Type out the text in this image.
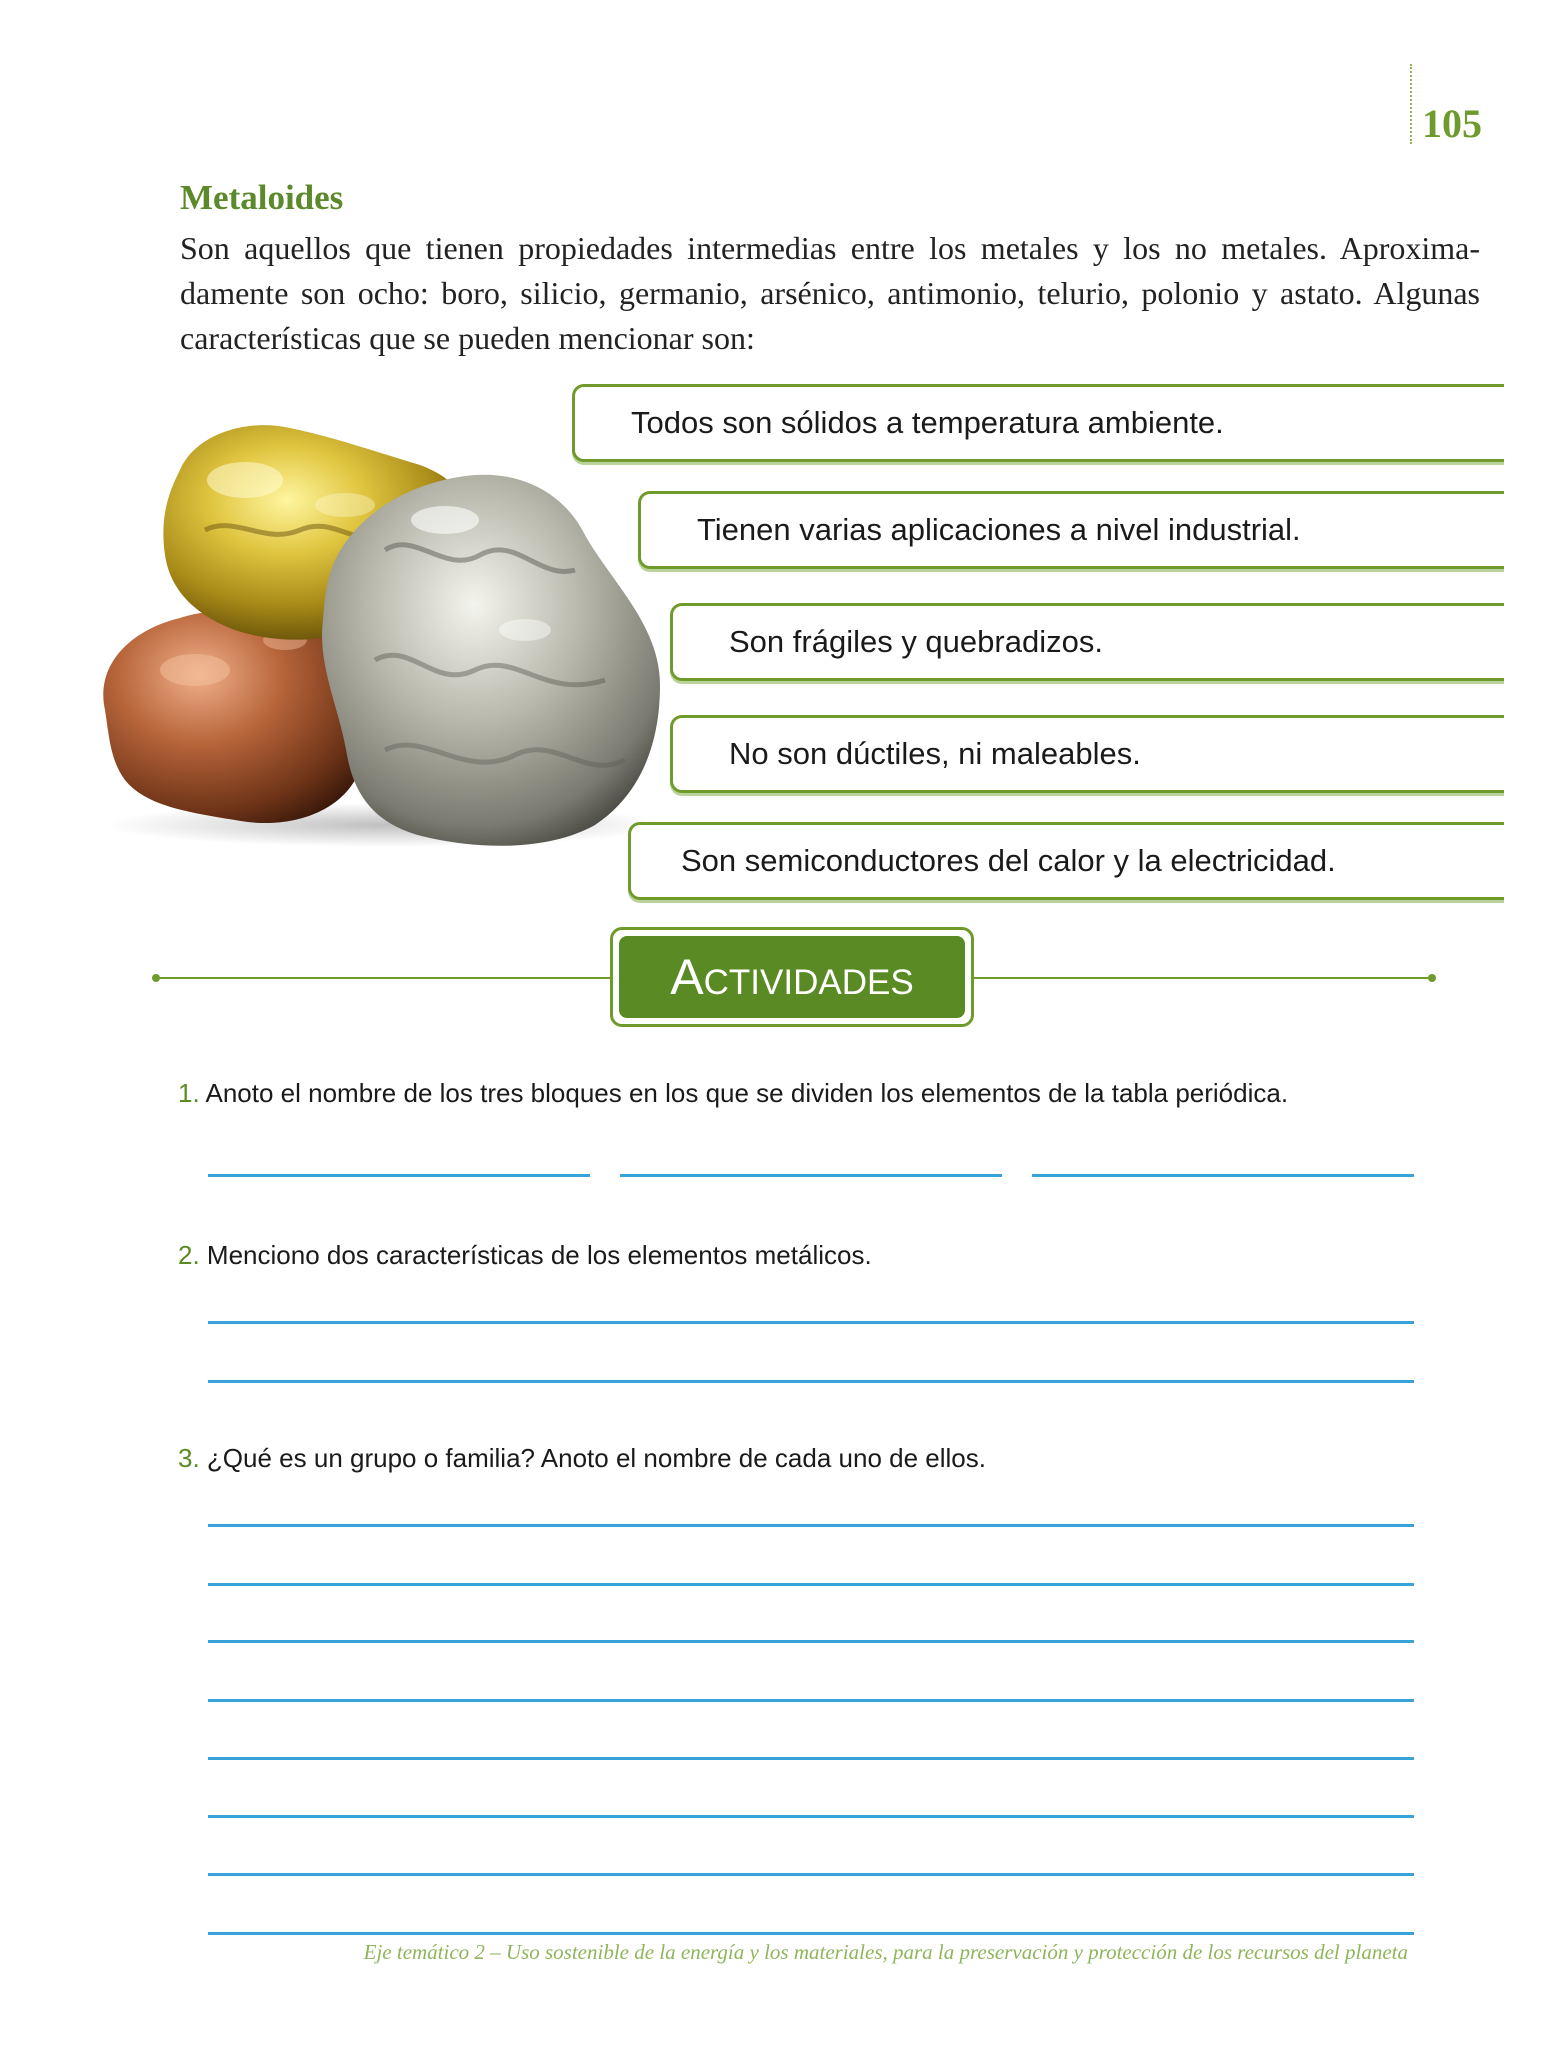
105
Metaloides
Son aquellos que tienen propiedades intermedias entre los metales y los no metales. Aproxima-
damente son ocho: boro, silicio, germanio, arsénico, antimonio, telurio, polonio y astato. Algunas
características que se pueden mencionar son:
Todos son sólidos a temperatura ambiente.
Tienen varias aplicaciones a nivel industrial.
Son frágiles y quebradizos.
No son dúctiles, ni maleables.
Son semiconductores del calor y la electricidad.
Actividades
1. Anoto el nombre de los tres bloques en los que se dividen los elementos de la tabla periódica.
2. Menciono dos características de los elementos metálicos.
3. ¿Qué es un grupo o familia? Anoto el nombre de cada uno de ellos.
Eje temático 2 – Uso sostenible de la energía y los materiales, para la preservación y protección de los recursos del planeta
